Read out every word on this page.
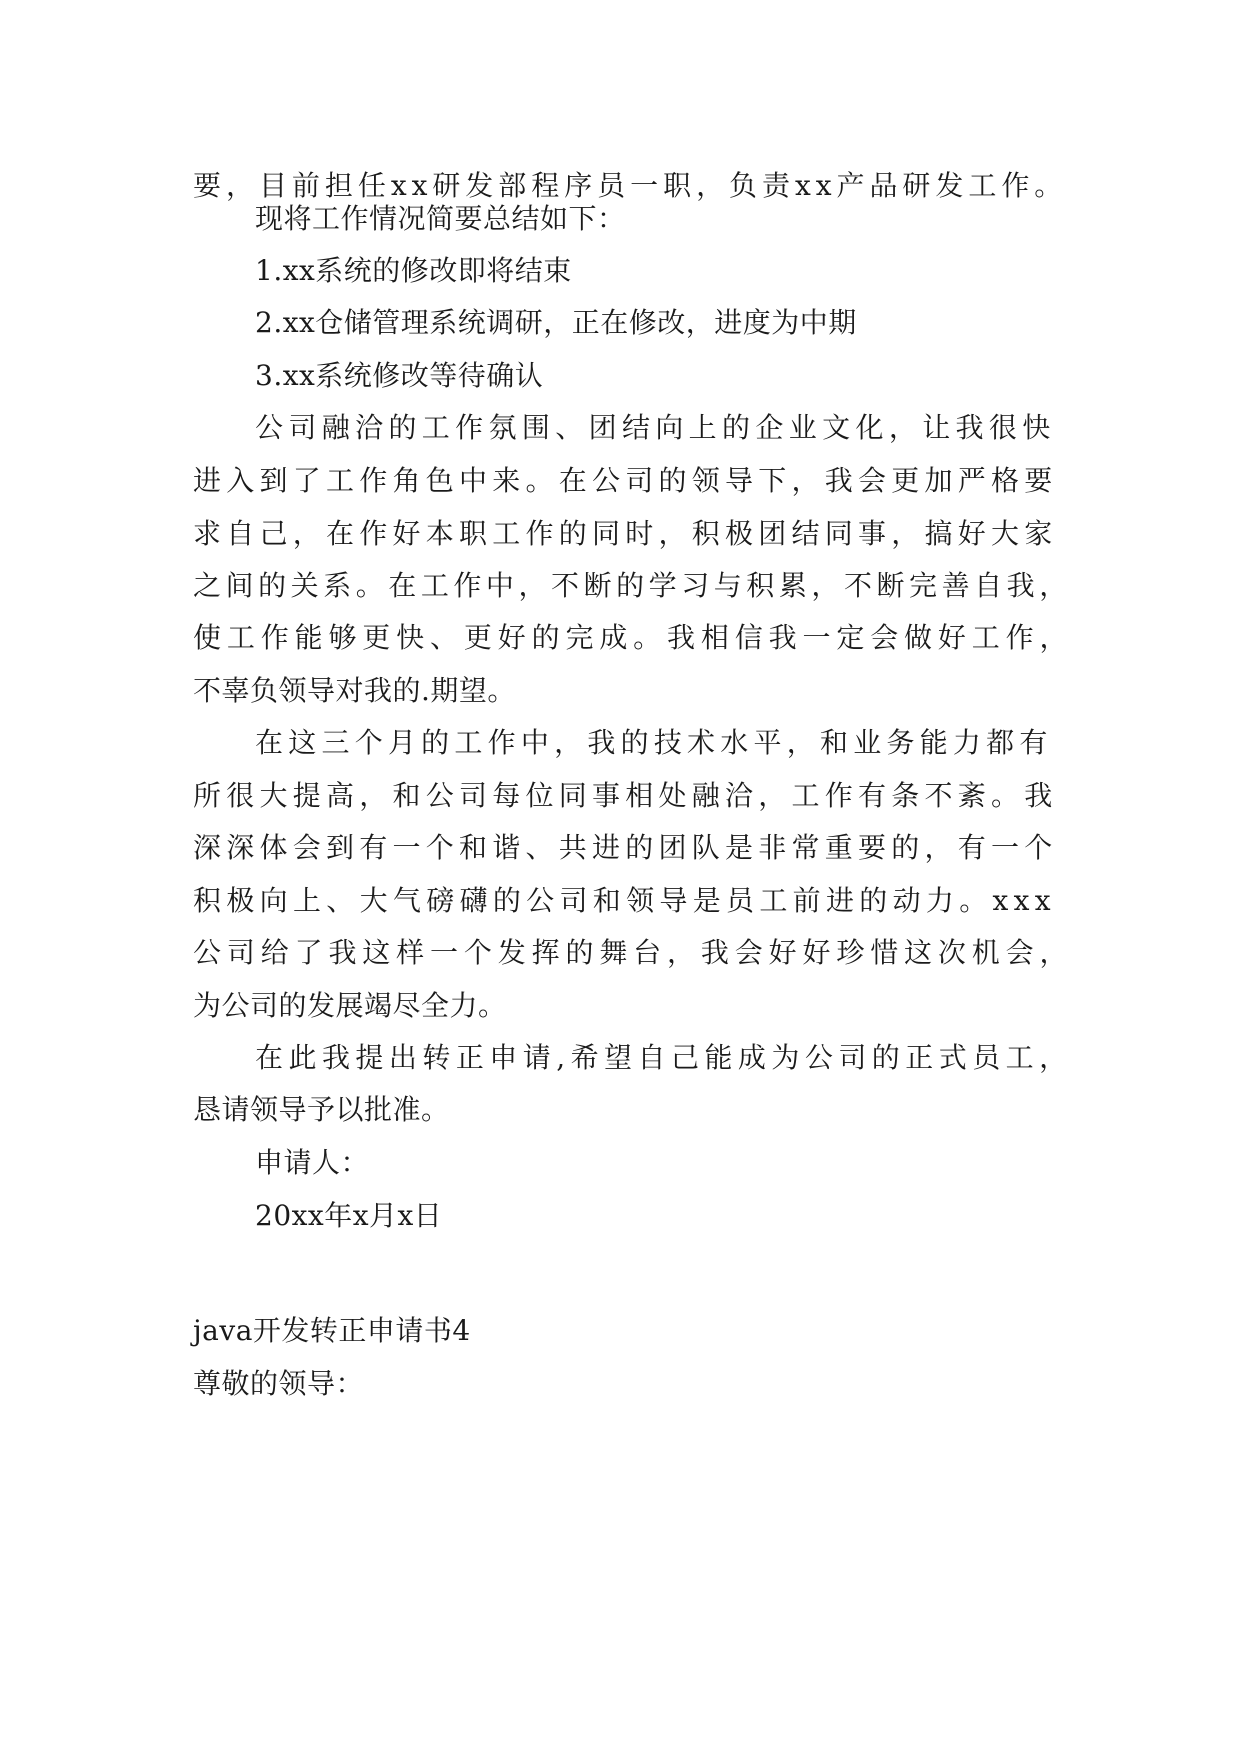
要 ， 目 前 担 任 x x 研 发 部 程 序 员 一 职 ， 负 责 x x 产 品 研 发 工 作 。
现将工作情况简要总结如下：
1.xx系统的修改即将结束
2.xx仓储管理系统调研，正在修改，进度为中期
3.xx系统修改等待确认
公 司 融 洽 的 工 作 氛 围 、 团 结 向 上 的 企 业 文 化 ， 让 我 很 快
进 入 到 了 工 作 角 色 中 来 。 在 公 司 的 领 导 下 ， 我 会 更 加 严 格 要
求 自 己 ， 在 作 好 本 职 工 作 的 同 时 ， 积 极 团 结 同 事 ， 搞 好 大 家
之 间 的 关 系 。 在 工 作 中 ， 不 断 的 学 习 与 积 累 ， 不 断 完 善 自 我 ，
使 工 作 能 够 更 快 、 更 好 的 完 成 。 我 相 信 我 一 定 会 做 好 工 作 ，
不辜负领导对我的.期望。
在 这 三 个 月 的 工 作 中 ， 我 的 技 术 水 平 ， 和 业 务 能 力 都 有
所 很 大 提 高 ， 和 公 司 每 位 同 事 相 处 融 洽 ， 工 作 有 条 不 紊 。 我
深 深 体 会 到 有 一 个 和 谐 、 共 进 的 团 队 是 非 常 重 要 的 ， 有 一 个
积 极 向 上 、 大 气 磅 礴 的 公 司 和 领 导 是 员 工 前 进 的 动 力 。 x x x
公 司 给 了 我 这 样 一 个 发 挥 的 舞 台 ， 我 会 好 好 珍 惜 这 次 机 会 ，
为公司的发展竭尽全力。
在 此 我 提 出 转 正 申 请 , 希 望 自 己 能 成 为 公 司 的 正 式 员 工 ，
恳请领导予以批准。
申请人：
20xx年x月x日
java开发转正申请书4
尊敬的领导：
